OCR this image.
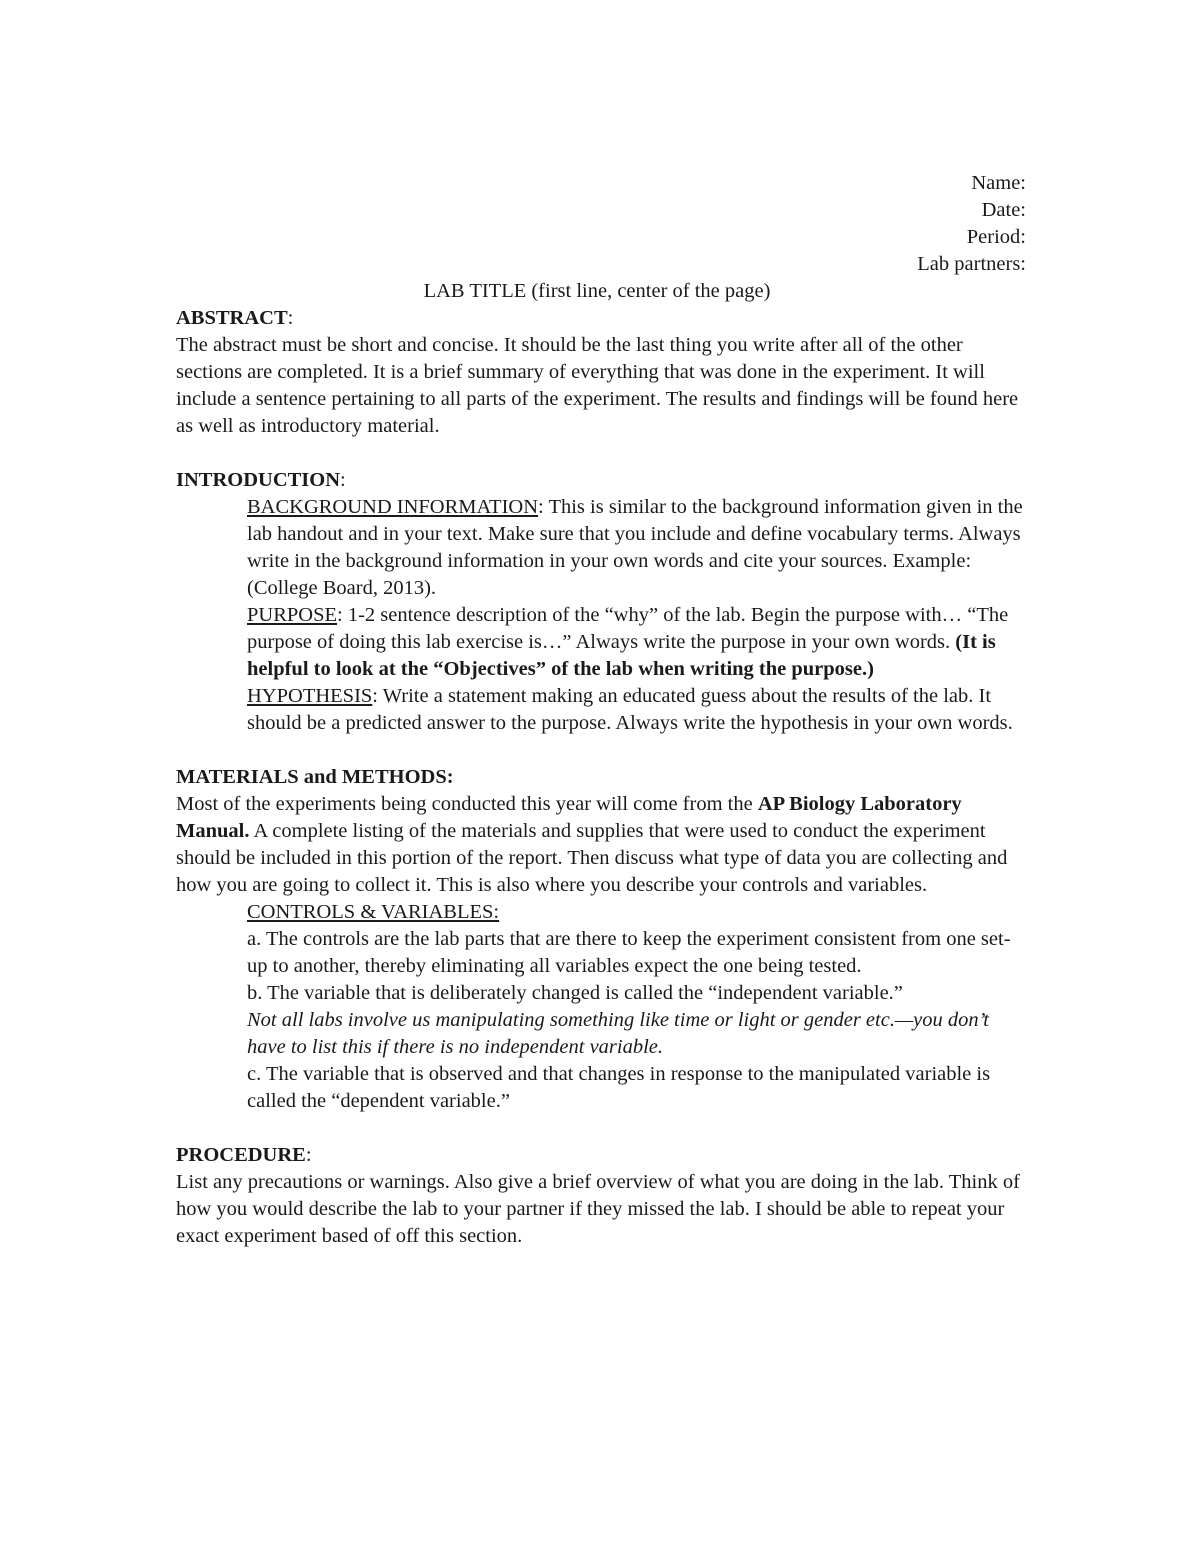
Name:
Date:
Period:
Lab partners:
LAB TITLE (first line, center of the page)
ABSTRACT:

The abstract must be short and concise. It should be the last thing you write after all of the other sections are completed. It is a brief summary of everything that was done in the experiment. It will include a sentence pertaining to all parts of the experiment. The results and findings will be found here as well as introductory material.

INTRODUCTION:

BACKGROUND INFORMATION: This is similar to the background information given in the lab handout and in your text. Make sure that you include and define vocabulary terms. Always write in the background information in your own words and cite your sources. Example: (College Board, 2013).

PURPOSE: 1-2 sentence description of the “why” of the lab. Begin the purpose with… “The purpose of doing this lab exercise is…” Always write the purpose in your own words. (It is helpful to look at the “Objectives” of the lab when writing the purpose.)

HYPOTHESIS: Write a statement making an educated guess about the results of the lab. It should be a predicted answer to the purpose. Always write the hypothesis in your own words.

MATERIALS and METHODS:

Most of the experiments being conducted this year will come from the AP Biology Laboratory Manual. A complete listing of the materials and supplies that were used to conduct the experiment should be included in this portion of the report. Then discuss what type of data you are collecting and how you are going to collect it. This is also where you describe your controls and variables.

CONTROLS & VARIABLES:

a. The controls are the lab parts that are there to keep the experiment consistent from one set-up to another, thereby eliminating all variables expect the one being tested.

b. The variable that is deliberately changed is called the “independent variable.”

Not all labs involve us manipulating something like time or light or gender etc.—you don’t have to list this if there is no independent variable.

c. The variable that is observed and that changes in response to the manipulated variable is called the “dependent variable.”

PROCEDURE:

List any precautions or warnings. Also give a brief overview of what you are doing in the lab. Think of how you would describe the lab to your partner if they missed the lab. I should be able to repeat your exact experiment based of off this section.
